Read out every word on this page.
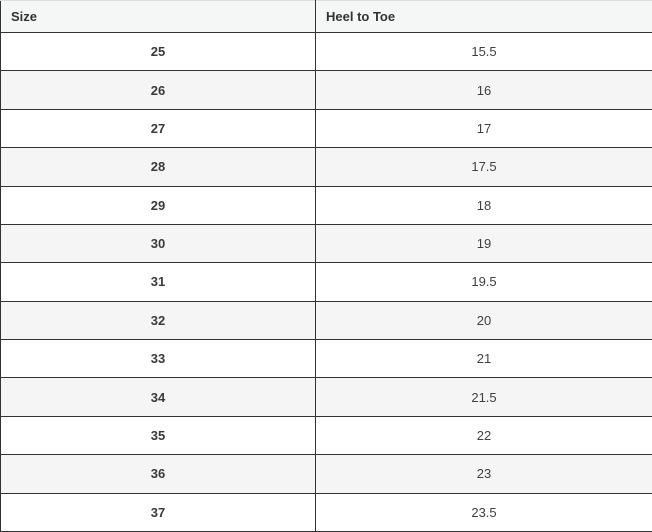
Size	Heel to Toe
25	15.5
26	16
27	17
28	17.5
29	18
30	19
31	19.5
32	20
33	21
34	21.5
35	22
36	23
37	23.5
